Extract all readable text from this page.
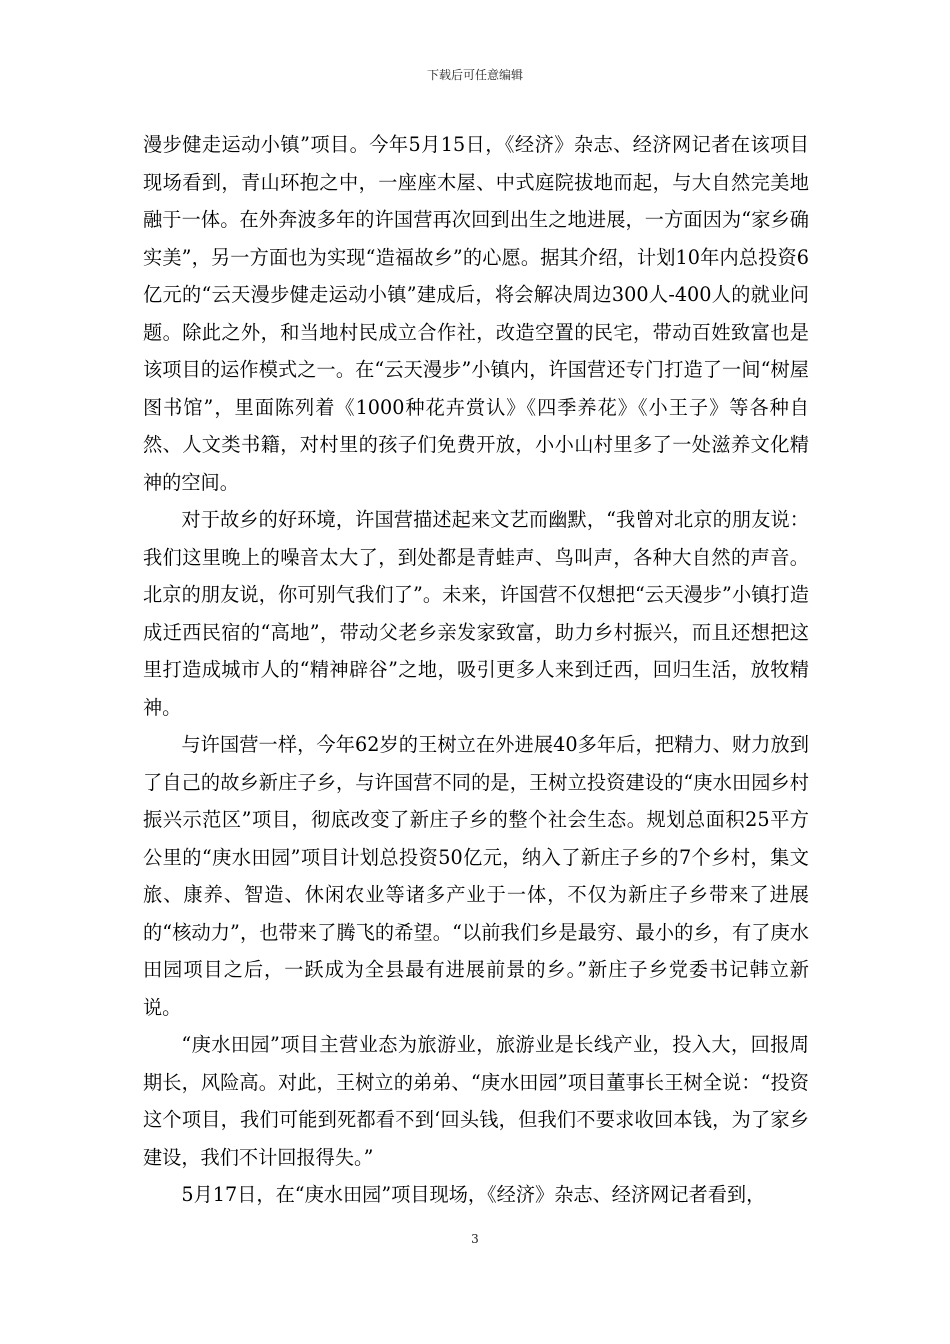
下载后可任意编辑

漫步健走运动小镇”项目。今年5月15日，《经济》杂志、经济网记者在该项目现场看到，青山环抱之中，一座座木屋、中式庭院拔地而起，与大自然完美地融于一体。在外奔波多年的许国营再次回到出生之地进展，一方面因为“家乡确实美”，另一方面也为实现“造福故乡”的心愿。据其介绍，计划10年内总投资6亿元的“云天漫步健走运动小镇”建成后，将会解决周边300人-400人的就业问题。除此之外，和当地村民成立合作社，改造空置的民宅，带动百姓致富也是该项目的运作模式之一。在“云天漫步”小镇内，许国营还专门打造了一间“树屋图书馆”，里面陈列着《1000种花卉赏认》《四季养花》《小王子》等各种自然、人文类书籍，对村里的孩子们免费开放，小小山村里多了一处滋养文化精神的空间。

对于故乡的好环境，许国营描述起来文艺而幽默，“我曾对北京的朋友说：我们这里晚上的噪音太大了，到处都是青蛙声、鸟叫声，各种大自然的声音。北京的朋友说，你可别气我们了”。未来，许国营不仅想把“云天漫步”小镇打造成迁西民宿的“高地”，带动父老乡亲发家致富，助力乡村振兴，而且还想把这里打造成城市人的“精神辟谷”之地，吸引更多人来到迁西，回归生活，放牧精神。

与许国营一样，今年62岁的王树立在外进展40多年后，把精力、财力放到了自己的故乡新庄子乡，与许国营不同的是，王树立投资建设的“庚水田园乡村振兴示范区”项目，彻底改变了新庄子乡的整个社会生态。规划总面积25平方公里的“庚水田园”项目计划总投资50亿元，纳入了新庄子乡的7个乡村，集文旅、康养、智造、休闲农业等诸多产业于一体，不仅为新庄子乡带来了进展的“核动力”，也带来了腾飞的希望。“以前我们乡是最穷、最小的乡，有了庚水田园项目之后，一跃成为全县最有进展前景的乡。”新庄子乡党委书记韩立新说。

“庚水田园”项目主营业态为旅游业，旅游业是长线产业，投入大，回报周期长，风险高。对此，王树立的弟弟、“庚水田园”项目董事长王树全说：“投资这个项目，我们可能到死都看不到‘回头钱，但我们不要求收回本钱，为了家乡建设，我们不计回报得失。”

5月17日，在“庚水田园”项目现场，《经济》杂志、经济网记者看到，

3
